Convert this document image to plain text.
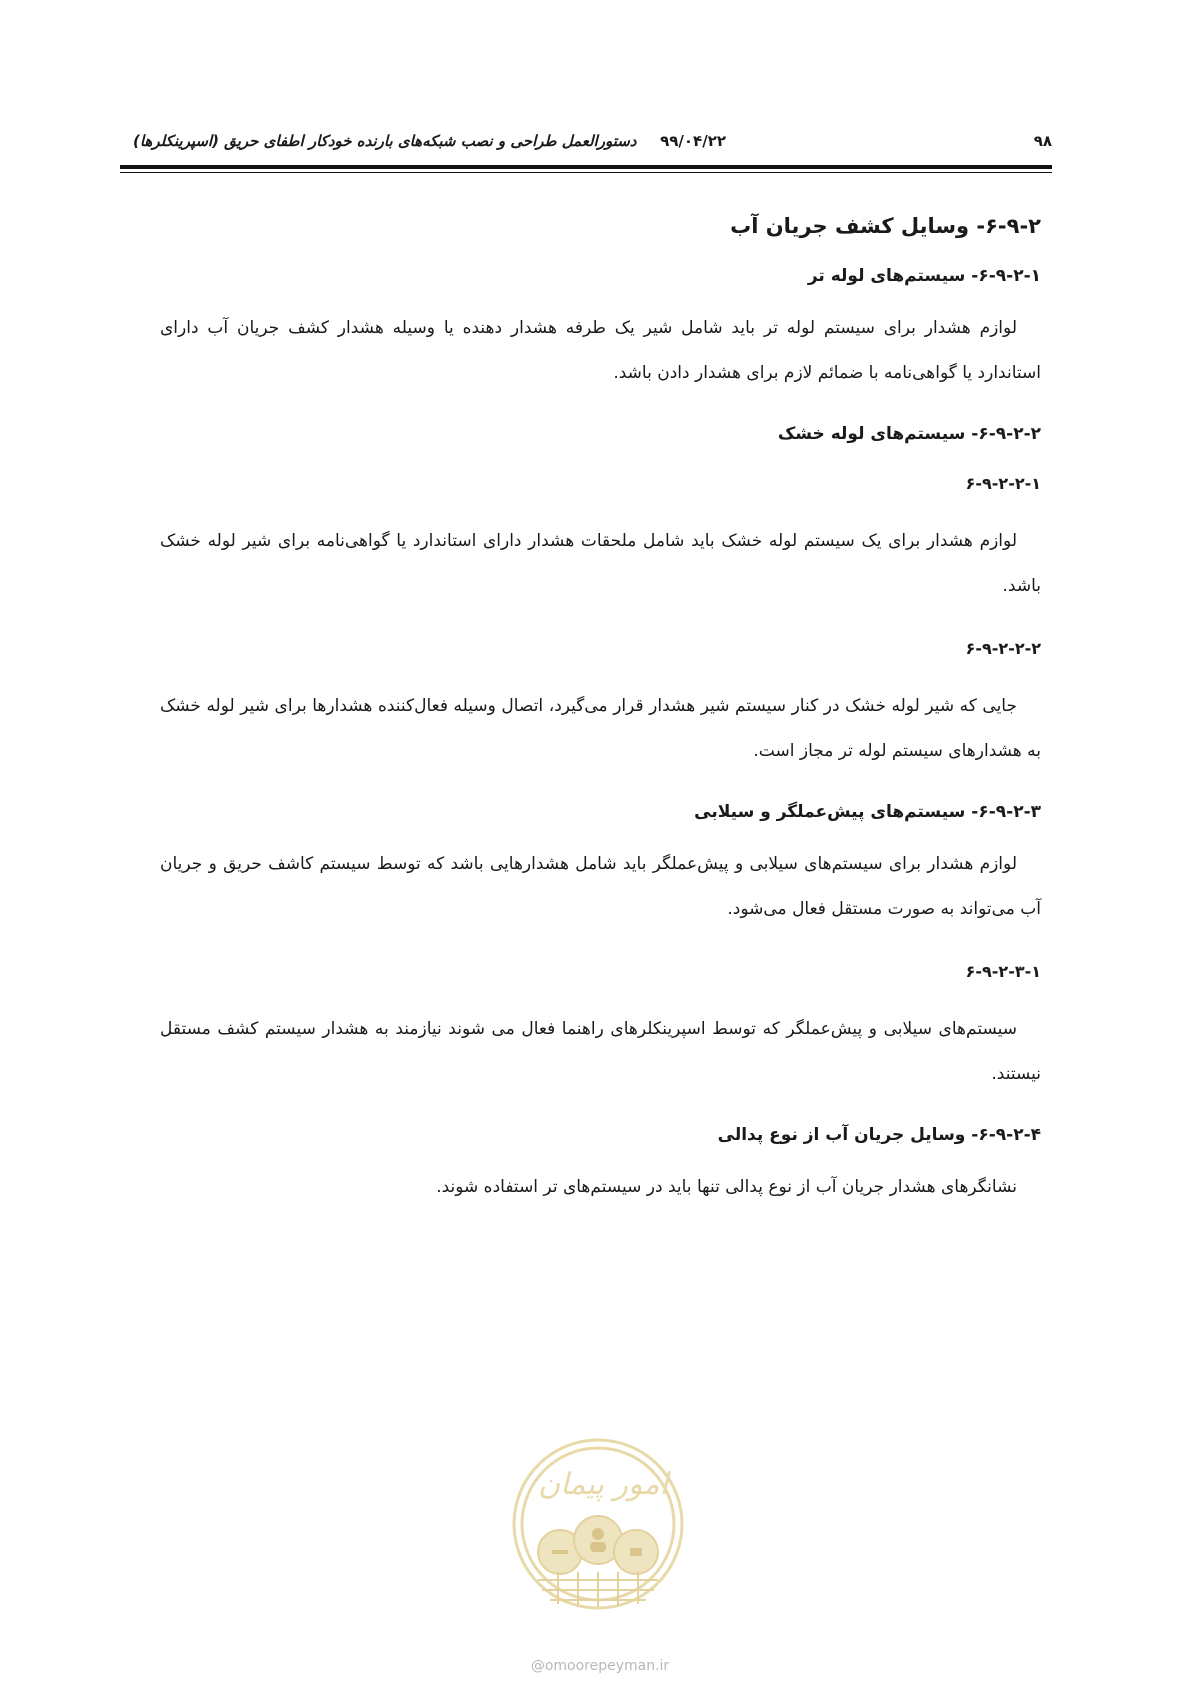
۹۸
۹۹/۰۴/۲۲
دستورالعمل طراحی و نصب شبکه‌های بارنده خودکار اطفای حریق (اسپرینکلرها)
۶-۹-۲- وسایل کشف جریان آب
۶-۹-۲-۱- سیستم‌های لوله تر

لوازم هشدار برای سیستم لوله تر باید شامل شیر یک طرفه هشدار دهنده یا وسیله هشدار کشف جریان آب دارای استاندارد یا گواهی‌نامه با ضمائم لازم برای هشدار دادن باشد.

۶-۹-۲-۲- سیستم‌های لوله خشک
۶-۹-۲-۲-۱

لوازم هشدار برای یک سیستم لوله خشک باید شامل ملحقات هشدار دارای استاندارد یا گواهی‌نامه برای شیر لوله خشک باشد.

۶-۹-۲-۲-۲

جایی که شیر لوله خشک در کنار سیستم شیر هشدار قرار می‌گیرد، اتصال وسیله فعال‌کننده هشدارها برای شیر لوله خشک به هشدارهای سیستم لوله تر مجاز است.

۶-۹-۲-۳- سیستم‌های پیش‌عملگر و سیلابی

لوازم هشدار برای سیستم‌های سیلابی و پیش‌عملگر باید شامل هشدارهایی باشد که توسط سیستم کاشف حریق و جریان آب می‌تواند به صورت مستقل فعال می‌شود.

۶-۹-۲-۳-۱

سیستم‌های سیلابی و پیش‌عملگر که توسط اسپرینکلرهای راهنما فعال می شوند نیازمند به هشدار سیستم کشف مستقل نیستند.

۶-۹-۲-۴- وسایل جریان آب از نوع پدالی

نشانگرهای هشدار جریان آب از نوع پدالی تنها باید در سیستم‌های تر استفاده شوند.

امور پیمان
@omoorepeyman.ir
